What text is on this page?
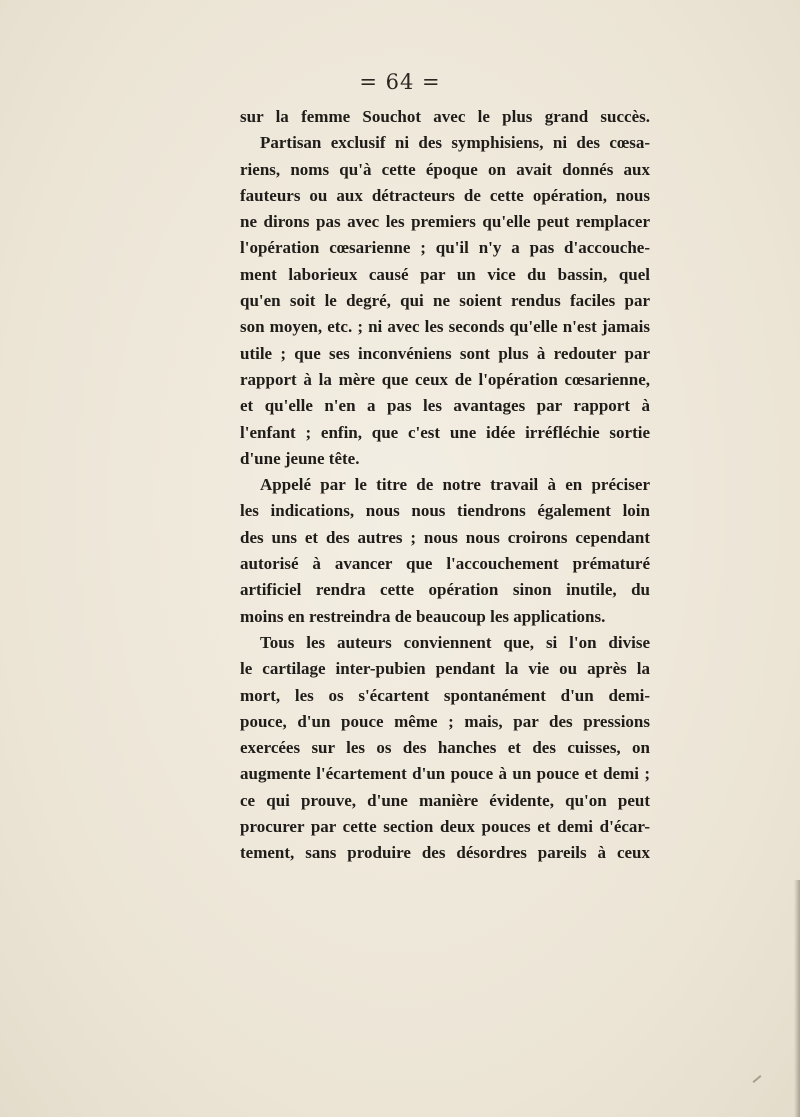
= 64 =
sur la femme Souchot avec le plus grand succès.
Partisan exclusif ni des symphisiens, ni des cœsa-
riens, noms qu'à cette époque on avait donnés aux
fauteurs ou aux détracteurs de cette opération, nous
ne dirons pas avec les premiers qu'elle peut remplacer
l'opération cœsarienne ; qu'il n'y a pas d'accouche-
ment laborieux causé par un vice du bassin, quel
qu'en soit le degré, qui ne soient rendus faciles par
son moyen, etc. ; ni avec les seconds qu'elle n'est jamais
utile ; que ses inconvéniens sont plus à redouter par
rapport à la mère que ceux de l'opération cœsarienne,
et qu'elle n'en a pas les avantages par rapport à
l'enfant ; enfin, que c'est une idée irréfléchie sortie
d'une jeune tête.
Appelé par le titre de notre travail à en préciser
les indications, nous nous tiendrons également loin
des uns et des autres ; nous nous croirons cependant
autorisé à avancer que l'accouchement prématuré
artificiel rendra cette opération sinon inutile, du
moins en restreindra de beaucoup les applications.
Tous les auteurs conviennent que, si l'on divise
le cartilage inter-pubien pendant la vie ou après la
mort, les os s'écartent spontanément d'un demi-
pouce, d'un pouce même ; mais, par des pressions
exercées sur les os des hanches et des cuisses, on
augmente l'écartement d'un pouce à un pouce et demi ;
ce qui prouve, d'une manière évidente, qu'on peut
procurer par cette section deux pouces et demi d'écar-
tement, sans produire des désordres pareils à ceux
